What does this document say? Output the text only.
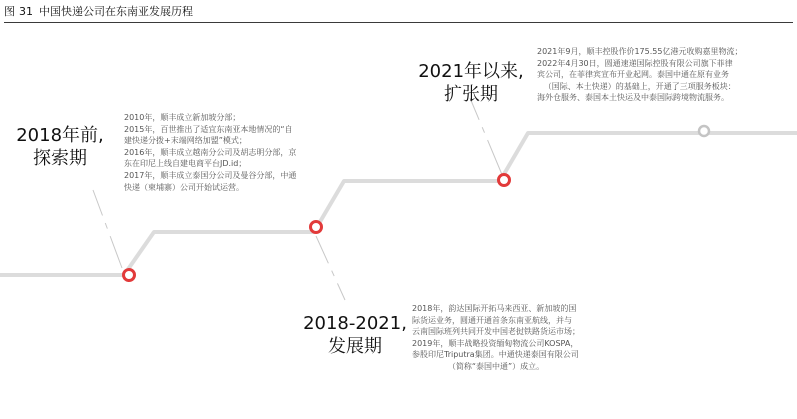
图 31 中国快递公司在东南亚发展历程
2018年前,
探索期
2010年，顺丰成立新加坡分部；
2015年，百世推出了适宜东南亚本地情况的“自
建快递分拨+末端网络加盟”模式；
2016年，顺丰成立越南分公司及胡志明分部，京
东在印尼上线自建电商平台JD.id；
2017年，顺丰成立泰国分公司及曼谷分部，中通
快递（柬埔寨）公司开始试运营。
2018-2021,
发展期
2018年，韵达国际开拓马来西亚、新加坡的国
际货运业务，圆通开通首条东南亚航线，并与
云南国际班列共同开发中国老挝铁路货运市场；
2019年，顺丰战略投资缅甸物流公司KOSPA，
参股印尼Triputra集团。中通快递泰国有限公司
（简称“泰国中通”）成立。
2021年以来,
扩张期
2021年9月，顺丰控股作价175.55亿港元收购嘉里物流；
2022年4月30日，圆通速递国际控股有限公司旗下菲律
宾公司，在菲律宾宣布开业起网。泰国中通在原有业务
（国际、本土快递）的基础上，开通了三项服务板块：
海外仓服务、泰国本土快运及中泰国际跨境物流服务。
